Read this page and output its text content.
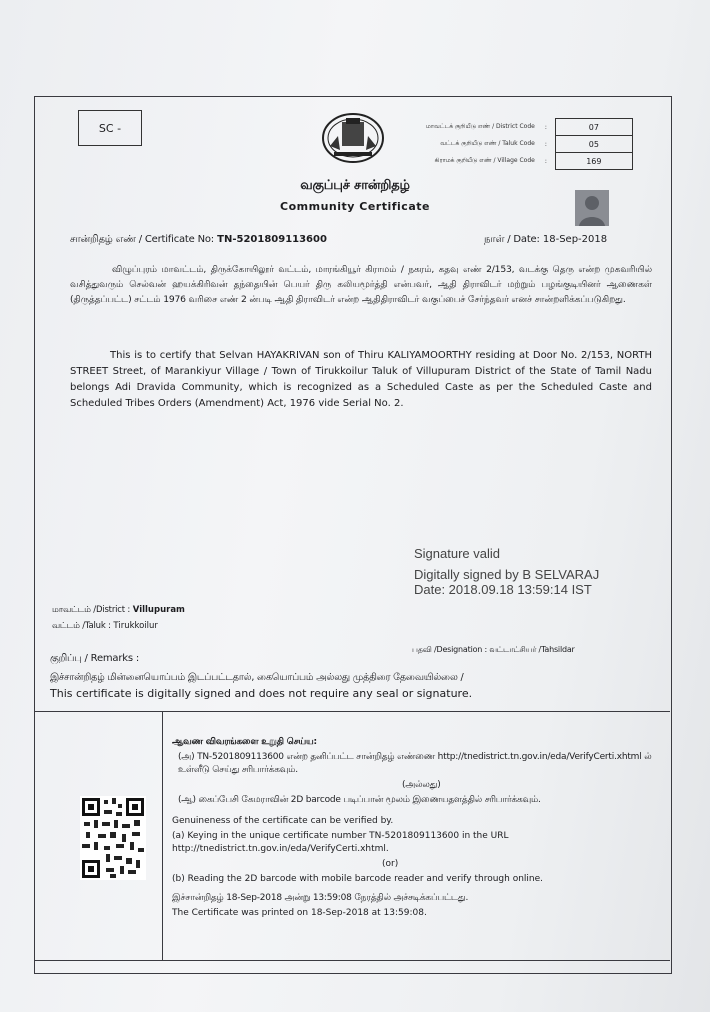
SC -	மாவட்டக் குறியீடு எண் / District Code	:	07
வட்டக் குறியீடு எண் / Taluk Code	:	05
கிராமக் குறியீடு எண் / Village Code	:	169
வகுப்புச் சான்றிதழ்
Community Certificate
சான்றிதழ் எண் / Certificate No: TN-5201809113600	நாள் / Date: 18-Sep-2018

விழுப்புரம் மாவட்டம், திருக்கோயிலூர் வட்டம், மாரங்கியூர் கிராமம் / நகரம், கதவு எண் 2/153, வடக்கு தெரு என்ற முகவரியில் வசித்துவரும் செல்வன் ஹயக்கிரிவன் தந்தையின் பெயர் திரு கலியமூர்த்தி என்பவர், ஆதி திராவிடர் மற்றும் பழங்குடியினர் ஆணைகள் (திருத்தப்பட்ட) சட்டம் 1976 வரிசை எண் 2 ன்படி ஆதி திராவிடர் என்ற ஆதிதிராவிடர் வகுப்பைச் சேர்ந்தவர் எனச் சான்றளிக்கப்படுகிறது.

This is to certify that Selvan HAYAKRIVAN son of Thiru KALIYAMOORTHY residing at Door No. 2/153, NORTH STREET Street, of Marankiyur Village / Town of Tirukkoilur Taluk of Villupuram District of the State of Tamil Nadu belongs Adi Dravida Community, which is recognized as a Scheduled Caste as per the Scheduled Caste and Scheduled Tribes Orders (Amendment) Act, 1976 vide Serial No. 2.

Signature valid
Digitally signed by B SELVARAJ
Date: 2018.09.18 13:59:14 IST
மாவட்டம் /District : Villupuram
வட்டம் /Taluk : Tirukkoilur
பதவி /Designation : வட்டாட்சியர் /Tahsildar
குறிப்பு / Remarks :
இச்சான்றிதழ் மின்னையொப்பம் இடப்பட்டதால், கையொப்பம் அல்லது முத்திரை தேவையில்லை /
This certificate is digitally signed and does not require any seal or signature.
ஆவண விவரங்களை உறுதி செய்ய:
(அ) TN-5201809113600 என்ற தனிப்பட்ட சான்றிதழ் எண்ணை http://tnedistrict.tn.gov.in/eda/VerifyCerti.xhtml ல் உள்ளீடு செய்து சரிபார்க்கவும்.
(அல்லது)
(ஆ) கைப்பேசி கேமராவின் 2D barcode படிப்பான் மூலம் இணையதளத்தில் சரிபார்க்கவும்.
Genuineness of the certificate can be verified by.
(a) Keying in the unique certificate number TN-5201809113600 in the URL http://tnedistrict.tn.gov.in/eda/VerifyCerti.xhtml.
(or)
(b) Reading the 2D barcode with mobile barcode reader and verify through online.
இச்சான்றிதழ் 18-Sep-2018 அன்று 13:59:08 நேரத்தில் அச்சடிக்கப்பட்டது.
The Certificate was printed on 18-Sep-2018 at 13:59:08.
